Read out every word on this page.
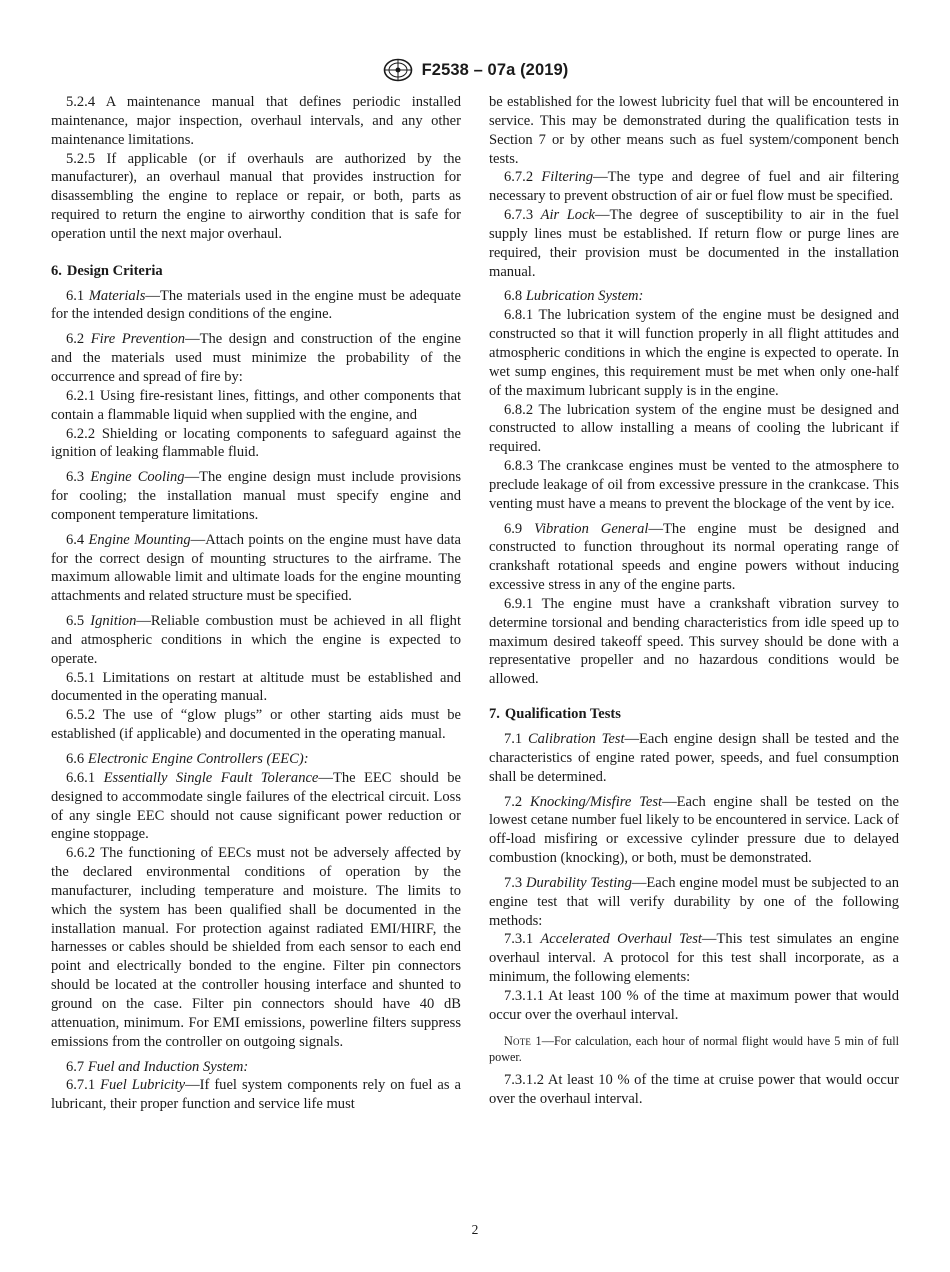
F2538 – 07a (2019)

5.2.4 A maintenance manual that defines periodic installed maintenance, major inspection, overhaul intervals, and any other maintenance limitations.

5.2.5 If applicable (or if overhauls are authorized by the manufacturer), an overhaul manual that provides instruction for disassembling the engine to replace or repair, or both, parts as required to return the engine to airworthy condition that is safe for operation until the next major overhaul.

6. Design Criteria

6.1 Materials—The materials used in the engine must be adequate for the intended design conditions of the engine.

6.2 Fire Prevention—The design and construction of the engine and the materials used must minimize the probability of the occurrence and spread of fire by:

6.2.1 Using fire-resistant lines, fittings, and other components that contain a flammable liquid when supplied with the engine, and

6.2.2 Shielding or locating components to safeguard against the ignition of leaking flammable fluid.

6.3 Engine Cooling—The engine design must include provisions for cooling; the installation manual must specify engine and component temperature limitations.

6.4 Engine Mounting—Attach points on the engine must have data for the correct design of mounting structures to the airframe. The maximum allowable limit and ultimate loads for the engine mounting attachments and related structure must be specified.

6.5 Ignition—Reliable combustion must be achieved in all flight and atmospheric conditions in which the engine is expected to operate.

6.5.1 Limitations on restart at altitude must be established and documented in the operating manual.

6.5.2 The use of “glow plugs” or other starting aids must be established (if applicable) and documented in the operating manual.

6.6 Electronic Engine Controllers (EEC):

6.6.1 Essentially Single Fault Tolerance—The EEC should be designed to accommodate single failures of the electrical circuit. Loss of any single EEC should not cause significant power reduction or engine stoppage.

6.6.2 The functioning of EECs must not be adversely affected by the declared environmental conditions of operation by the manufacturer, including temperature and moisture. The limits to which the system has been qualified shall be documented in the installation manual. For protection against radiated EMI/HIRF, the harnesses or cables should be shielded from each sensor to each end point and electrically bonded to the engine. Filter pin connectors should be located at the controller housing interface and shunted to ground on the case. Filter pin connectors should have 40 dB attenuation, minimum. For EMI emissions, powerline filters suppress emissions from the controller on outgoing signals.

6.7 Fuel and Induction System:

6.7.1 Fuel Lubricity—If fuel system components rely on fuel as a lubricant, their proper function and service life must

be established for the lowest lubricity fuel that will be encountered in service. This may be demonstrated during the qualification tests in Section 7 or by other means such as fuel system/component bench tests.

6.7.2 Filtering—The type and degree of fuel and air filtering necessary to prevent obstruction of air or fuel flow must be specified.

6.7.3 Air Lock—The degree of susceptibility to air in the fuel supply lines must be established. If return flow or purge lines are required, their provision must be documented in the installation manual.

6.8 Lubrication System:

6.8.1 The lubrication system of the engine must be designed and constructed so that it will function properly in all flight attitudes and atmospheric conditions in which the engine is expected to operate. In wet sump engines, this requirement must be met when only one-half of the maximum lubricant supply is in the engine.

6.8.2 The lubrication system of the engine must be designed and constructed to allow installing a means of cooling the lubricant if required.

6.8.3 The crankcase engines must be vented to the atmosphere to preclude leakage of oil from excessive pressure in the crankcase. This venting must have a means to prevent the blockage of the vent by ice.

6.9 Vibration General—The engine must be designed and constructed to function throughout its normal operating range of crankshaft rotational speeds and engine powers without inducing excessive stress in any of the engine parts.

6.9.1 The engine must have a crankshaft vibration survey to determine torsional and bending characteristics from idle speed up to maximum desired takeoff speed. This survey should be done with a representative propeller and no hazardous conditions would be allowed.

7. Qualification Tests

7.1 Calibration Test—Each engine design shall be tested and the characteristics of engine rated power, speeds, and fuel consumption shall be determined.

7.2 Knocking/Misfire Test—Each engine shall be tested on the lowest cetane number fuel likely to be encountered in service. Lack of off-load misfiring or excessive cylinder pressure due to delayed combustion (knocking), or both, must be demonstrated.

7.3 Durability Testing—Each engine model must be subjected to an engine test that will verify durability by one of the following methods:

7.3.1 Accelerated Overhaul Test—This test simulates an engine overhaul interval. A protocol for this test shall incorporate, as a minimum, the following elements:

7.3.1.1 At least 100 % of the time at maximum power that would occur over the overhaul interval.

Note 1—For calculation, each hour of normal flight would have 5 min of full power.

7.3.1.2 At least 10 % of the time at cruise power that would occur over the overhaul interval.

2
